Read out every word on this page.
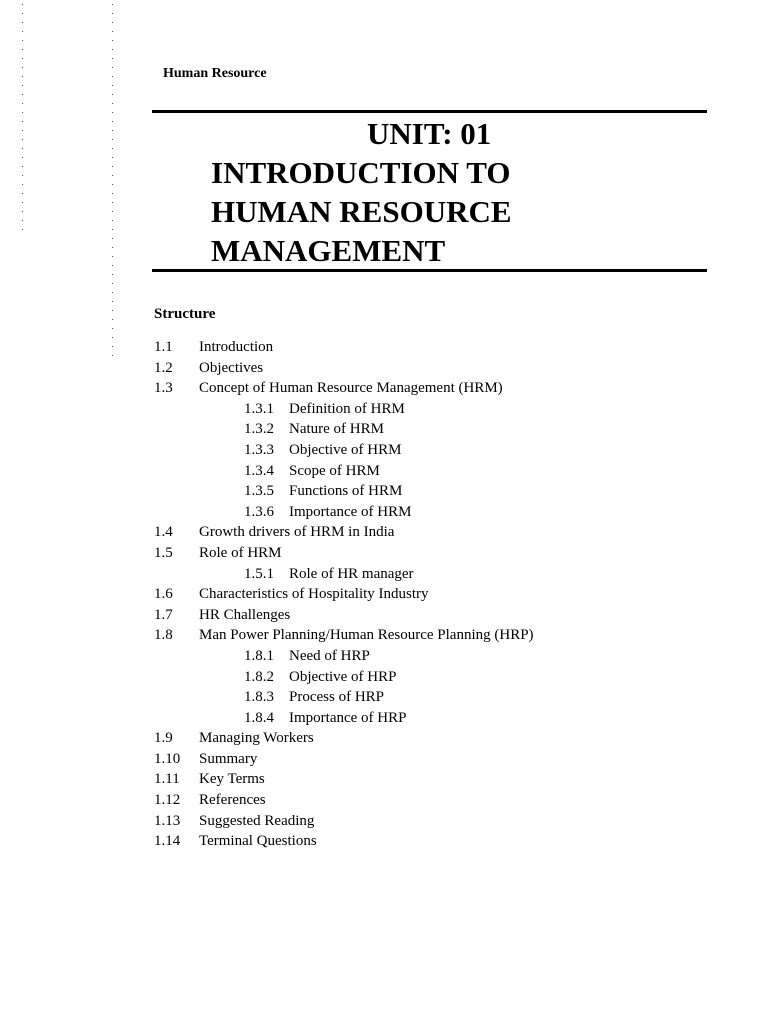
Human Resource
UNIT: 01
INTRODUCTION TO
HUMAN RESOURCE
MANAGEMENT
Structure
1.1 Introduction
1.2 Objectives
1.3 Concept of Human Resource Management (HRM)
1.3.1 Definition of HRM
1.3.2 Nature of HRM
1.3.3 Objective of HRM
1.3.4 Scope of HRM
1.3.5 Functions of HRM
1.3.6 Importance of HRM
1.4 Growth drivers of HRM in India
1.5 Role of HRM
1.5.1 Role of HR manager
1.6 Characteristics of Hospitality Industry
1.7 HR Challenges
1.8 Man Power Planning/Human Resource Planning (HRP)
1.8.1 Need of HRP
1.8.2 Objective of HRP
1.8.3 Process of HRP
1.8.4 Importance of HRP
1.9 Managing Workers
1.10 Summary
1.11 Key Terms
1.12 References
1.13 Suggested Reading
1.14 Terminal Questions
